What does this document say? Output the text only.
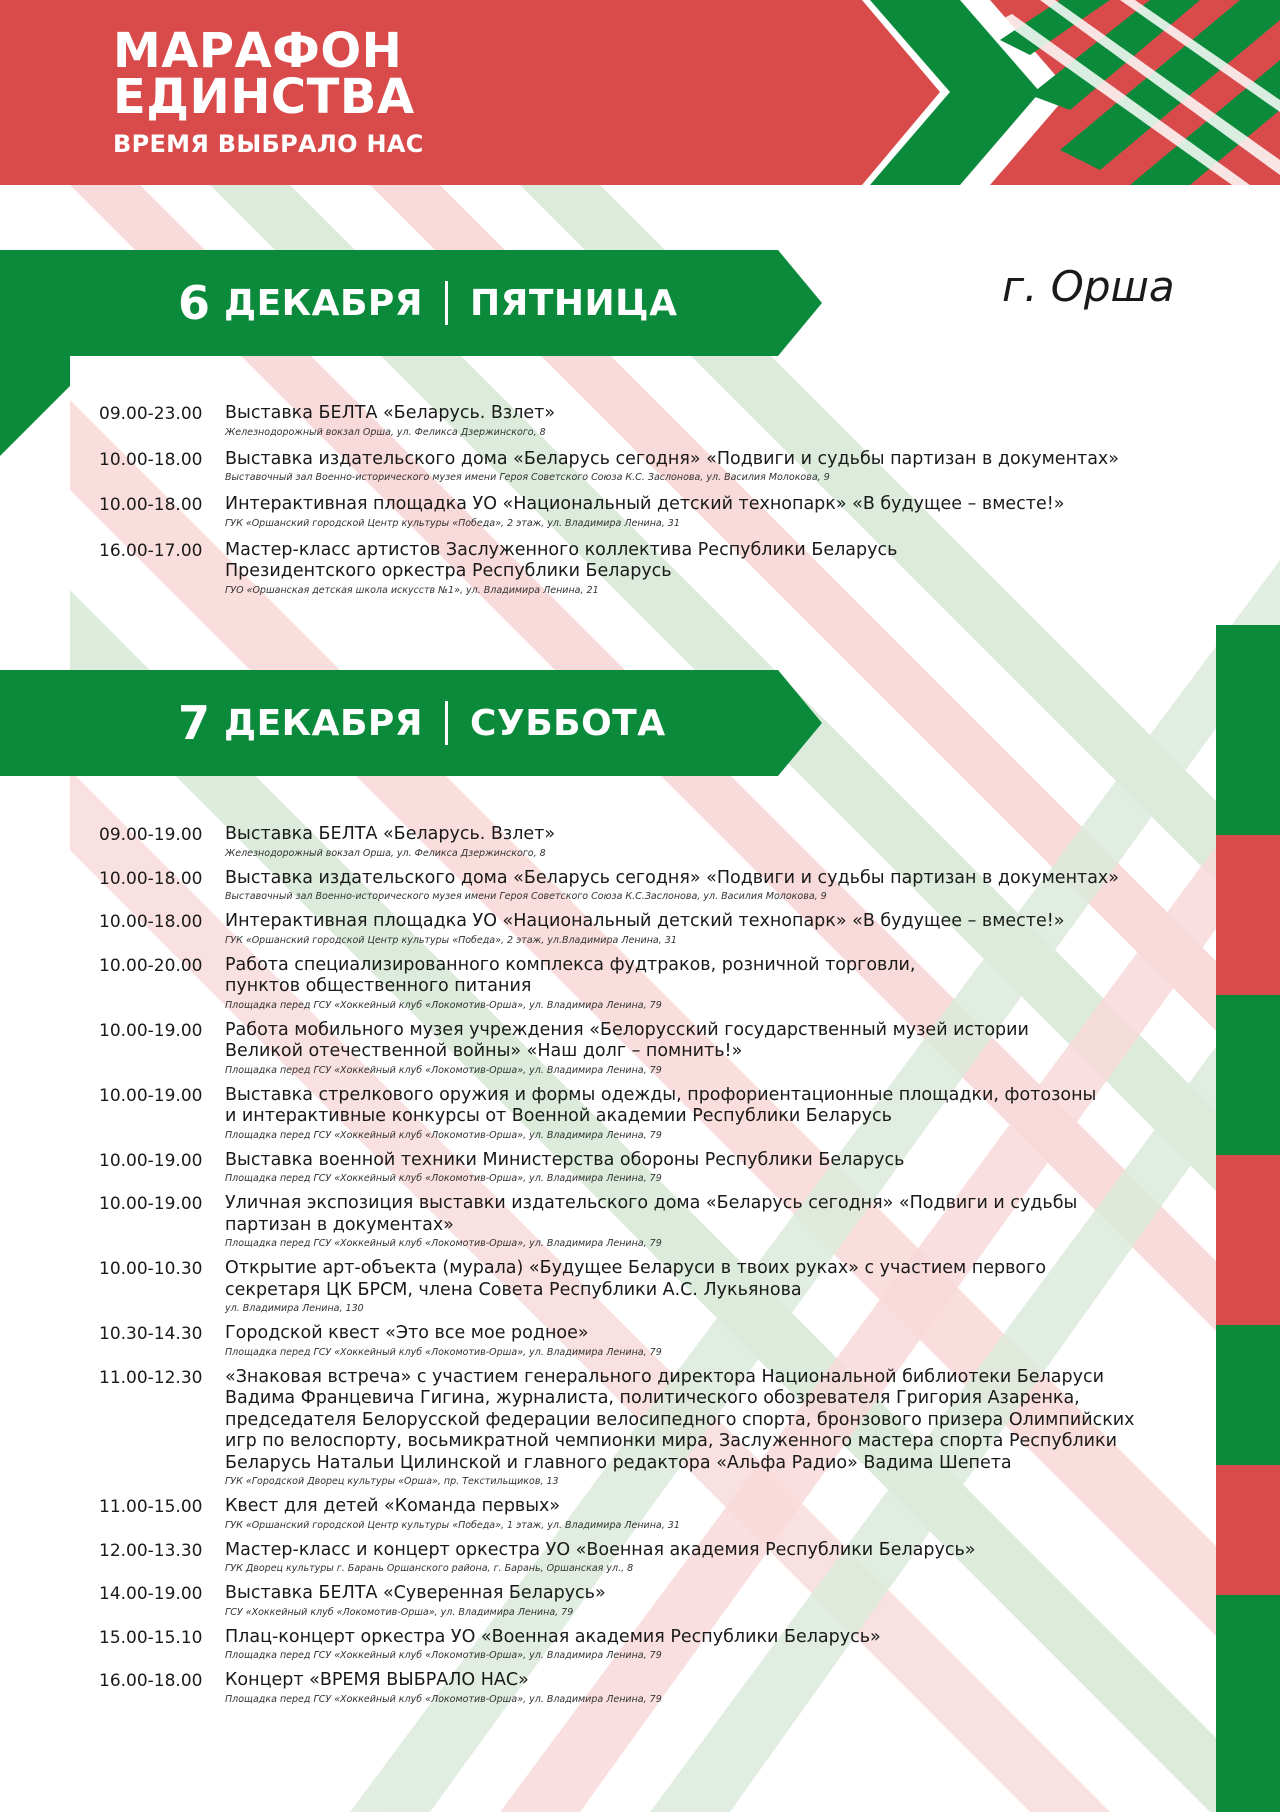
МАРАФОН ЕДИНСТВА

ВРЕМЯ ВЫБРАЛО НАС

г. Орша
6 ДЕКАБРЯ ПЯТНИЦА
09.00-23.00	Выставка БЕЛТА «Беларусь. Взлет»
Железнодорожный вокзал Орша, ул. Феликса Дзержинского, 8
10.00-18.00	Выставка издательского дома «Беларусь сегодня» «Подвиги и судьбы партизан в документах»
Выставочный зал Военно-исторического музея имени Героя Советского Союза К.С. Заслонова, ул. Василия Молокова, 9
10.00-18.00	Интерактивная площадка УО «Национальный детский технопарк» «В будущее – вместе!»
ГУК «Оршанский городской Центр культуры «Победа», 2 этаж, ул. Владимира Ленина, 31
16.00-17.00	Мастер-класс артистов Заслуженного коллектива Республики Беларусь
Президентского оркестра Республики Беларусь
ГУО «Оршанская детская школа искусств №1», ул. Владимира Ленина, 21
7 ДЕКАБРЯ СУББОТА
09.00-19.00	Выставка БЕЛТА «Беларусь. Взлет»
Железнодорожный вокзал Орша, ул. Феликса Дзержинского, 8
10.00-18.00	Выставка издательского дома «Беларусь сегодня» «Подвиги и судьбы партизан в документах»
Выставочный зал Военно-исторического музея имени Героя Советского Союза К.С.Заслонова, ул. Василия Молокова, 9
10.00-18.00	Интерактивная площадка УО «Национальный детский технопарк» «В будущее – вместе!»
ГУК «Оршанский городской Центр культуры «Победа», 2 этаж, ул.Владимира Ленина, 31
10.00-20.00	Работа специализированного комплекса фудтраков, розничной торговли,
пунктов общественного питания
Площадка перед ГСУ «Хоккейный клуб «Локомотив-Орша», ул. Владимира Ленина, 79
10.00-19.00	Работа мобильного музея учреждения «Белорусский государственный музей истории
Великой отечественной войны» «Наш долг – помнить!»
Площадка перед ГСУ «Хоккейный клуб «Локомотив-Орша», ул. Владимира Ленина, 79
10.00-19.00	Выставка стрелкового оружия и формы одежды, профориентационные площадки, фотозоны
и интерактивные конкурсы от Военной академии Республики Беларусь
Площадка перед ГСУ «Хоккейный клуб «Локомотив-Орша», ул. Владимира Ленина, 79
10.00-19.00	Выставка военной техники Министерства обороны Республики Беларусь
Площадка перед ГСУ «Хоккейный клуб «Локомотив-Орша», ул. Владимира Ленина, 79
10.00-19.00	Уличная экспозиция выставки издательского дома «Беларусь сегодня» «Подвиги и судьбы
партизан в документах»
Площадка перед ГСУ «Хоккейный клуб «Локомотив-Орша», ул. Владимира Ленина, 79
10.00-10.30	Открытие арт-объекта (мурала) «Будущее Беларуси в твоих руках» с участием первого
секретаря ЦК БРСМ, члена Совета Республики А.С. Лукьянова
ул. Владимира Ленина, 130
10.30-14.30	Городской квест «Это все мое родное»
Площадка перед ГСУ «Хоккейный клуб «Локомотив-Орша», ул. Владимира Ленина, 79
11.00-12.30	«Знаковая встреча» с участием генерального директора Национальной библиотеки Беларуси
Вадима Францевича Гигина, журналиста, политического обозревателя Григория Азаренка,
председателя Белорусской федерации велосипедного спорта, бронзового призера Олимпийских
игр по велоспорту, восьмикратной чемпионки мира, Заслуженного мастера спорта Республики
Беларусь Натальи Цилинской и главного редактора «Альфа Радио» Вадима Шепета
ГУК «Городской Дворец культуры «Орша», пр. Текстильщиков, 13
11.00-15.00	Квест для детей «Команда первых»
ГУК «Оршанский городской Центр культуры «Победа», 1 этаж, ул. Владимира Ленина, 31
12.00-13.30	Мастер-класс и концерт оркестра УО «Военная академия Республики Беларусь»
ГУК Дворец культуры г. Барань Оршанского района, г. Барань, Оршанская ул., 8
14.00-19.00	Выставка БЕЛТА «Суверенная Беларусь»
ГСУ «Хоккейный клуб «Локомотив-Орша», ул. Владимира Ленина, 79
15.00-15.10	Плац-концерт оркестра УО «Военная академия Республики Беларусь»
Площадка перед ГСУ «Хоккейный клуб «Локомотив-Орша», ул. Владимира Ленина, 79
16.00-18.00	Концерт «ВРЕМЯ ВЫБРАЛО НАС»
Площадка перед ГСУ «Хоккейный клуб «Локомотив-Орша», ул. Владимира Ленина, 79
